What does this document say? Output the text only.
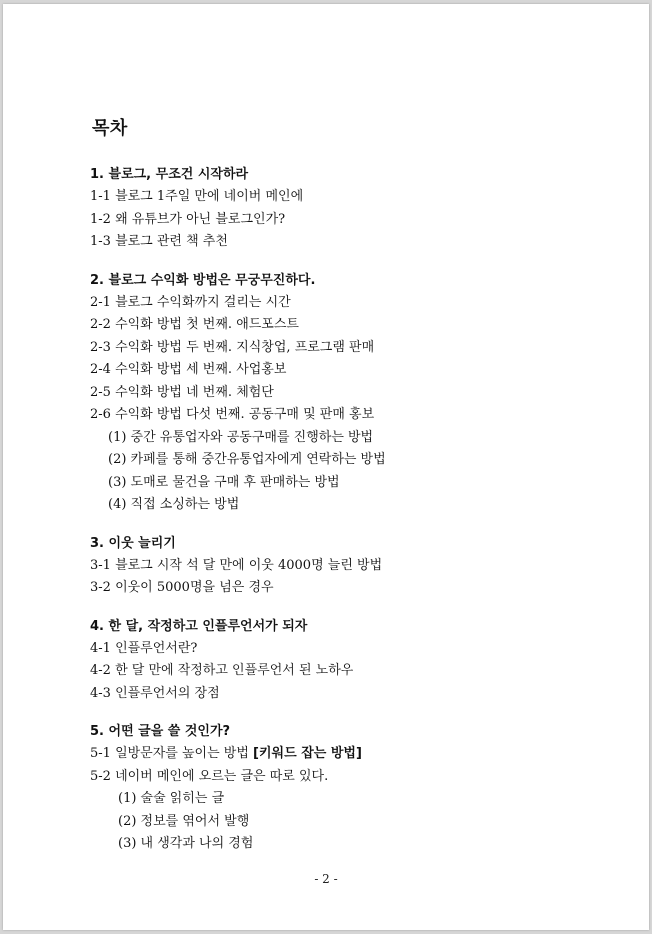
목차
1. 블로그, 무조건 시작하라
1-1 블로그 1주일 만에 네이버 메인에
1-2 왜 유튜브가 아닌 블로그인가?
1-3 블로그 관련 책 추천
2. 블로그 수익화 방법은 무궁무진하다.
2-1 블로그 수익화까지 걸리는 시간
2-2 수익화 방법 첫 번째. 애드포스트
2-3 수익화 방법 두 번째. 지식창업, 프로그램 판매
2-4 수익화 방법 세 번째. 사업홍보
2-5 수익화 방법 네 번째. 체험단
2-6 수익화 방법 다섯 번째. 공동구매 및 판매 홍보
(1) 중간 유통업자와 공동구매를 진행하는 방법
(2) 카페를 통해 중간유통업자에게 연락하는 방법
(3) 도매로 물건을 구매 후 판매하는 방법
(4) 직접 소싱하는 방법
3. 이웃 늘리기
3-1 블로그 시작 석 달 만에 이웃 4000명 늘린 방법
3-2 이웃이 5000명을 넘은 경우
4. 한 달, 작정하고 인플루언서가 되자
4-1 인플루언서란?
4-2 한 달 만에 작정하고 인플루언서 된 노하우
4-3 인플루언서의 장점
5. 어떤 글을 쓸 것인가?
5-1 일방문자를 높이는 방법 [키워드 잡는 방법]
5-2 네이버 메인에 오르는 글은 따로 있다.
(1) 술술 읽히는 글
(2) 정보를 엮어서 발행
(3) 내 생각과 나의 경험
- 2 -
